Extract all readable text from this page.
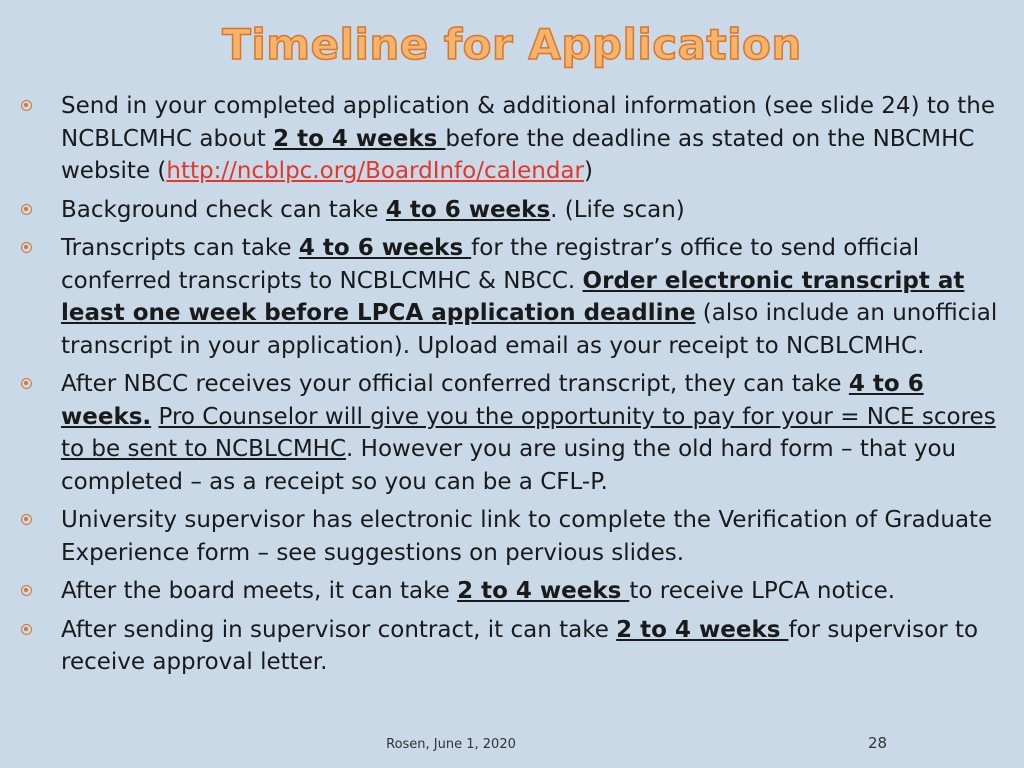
Timeline for Application
Send in your completed application & additional information (see slide 24) to the NCBLCMHC about 2 to 4 weeks before the deadline as stated on the NBCMHC website (http://ncblpc.org/BoardInfo/calendar)
Background check can take 4 to 6 weeks. (Life scan)
Transcripts can take 4 to 6 weeks for the registrar’s office to send official conferred transcripts to NCBLCMHC & NBCC. Order electronic transcript at least one week before LPCA application deadline (also include an unofficial transcript in your application). Upload email as your receipt to NCBLCMHC.
After NBCC receives your official conferred transcript, they can take 4 to 6 weeks. Pro Counselor will give you the opportunity to pay for your = NCE scores to be sent to NCBLCMHC. However you are using the old hard form – that you completed – as a receipt so you can be a CFL-P.
University supervisor has electronic link to complete the Verification of Graduate Experience form – see suggestions on pervious slides.
After the board meets, it can take 2 to 4 weeks to receive LPCA notice.
After sending in supervisor contract, it can take 2 to 4 weeks for supervisor to receive approval letter.
Rosen, June 1, 2020	28
